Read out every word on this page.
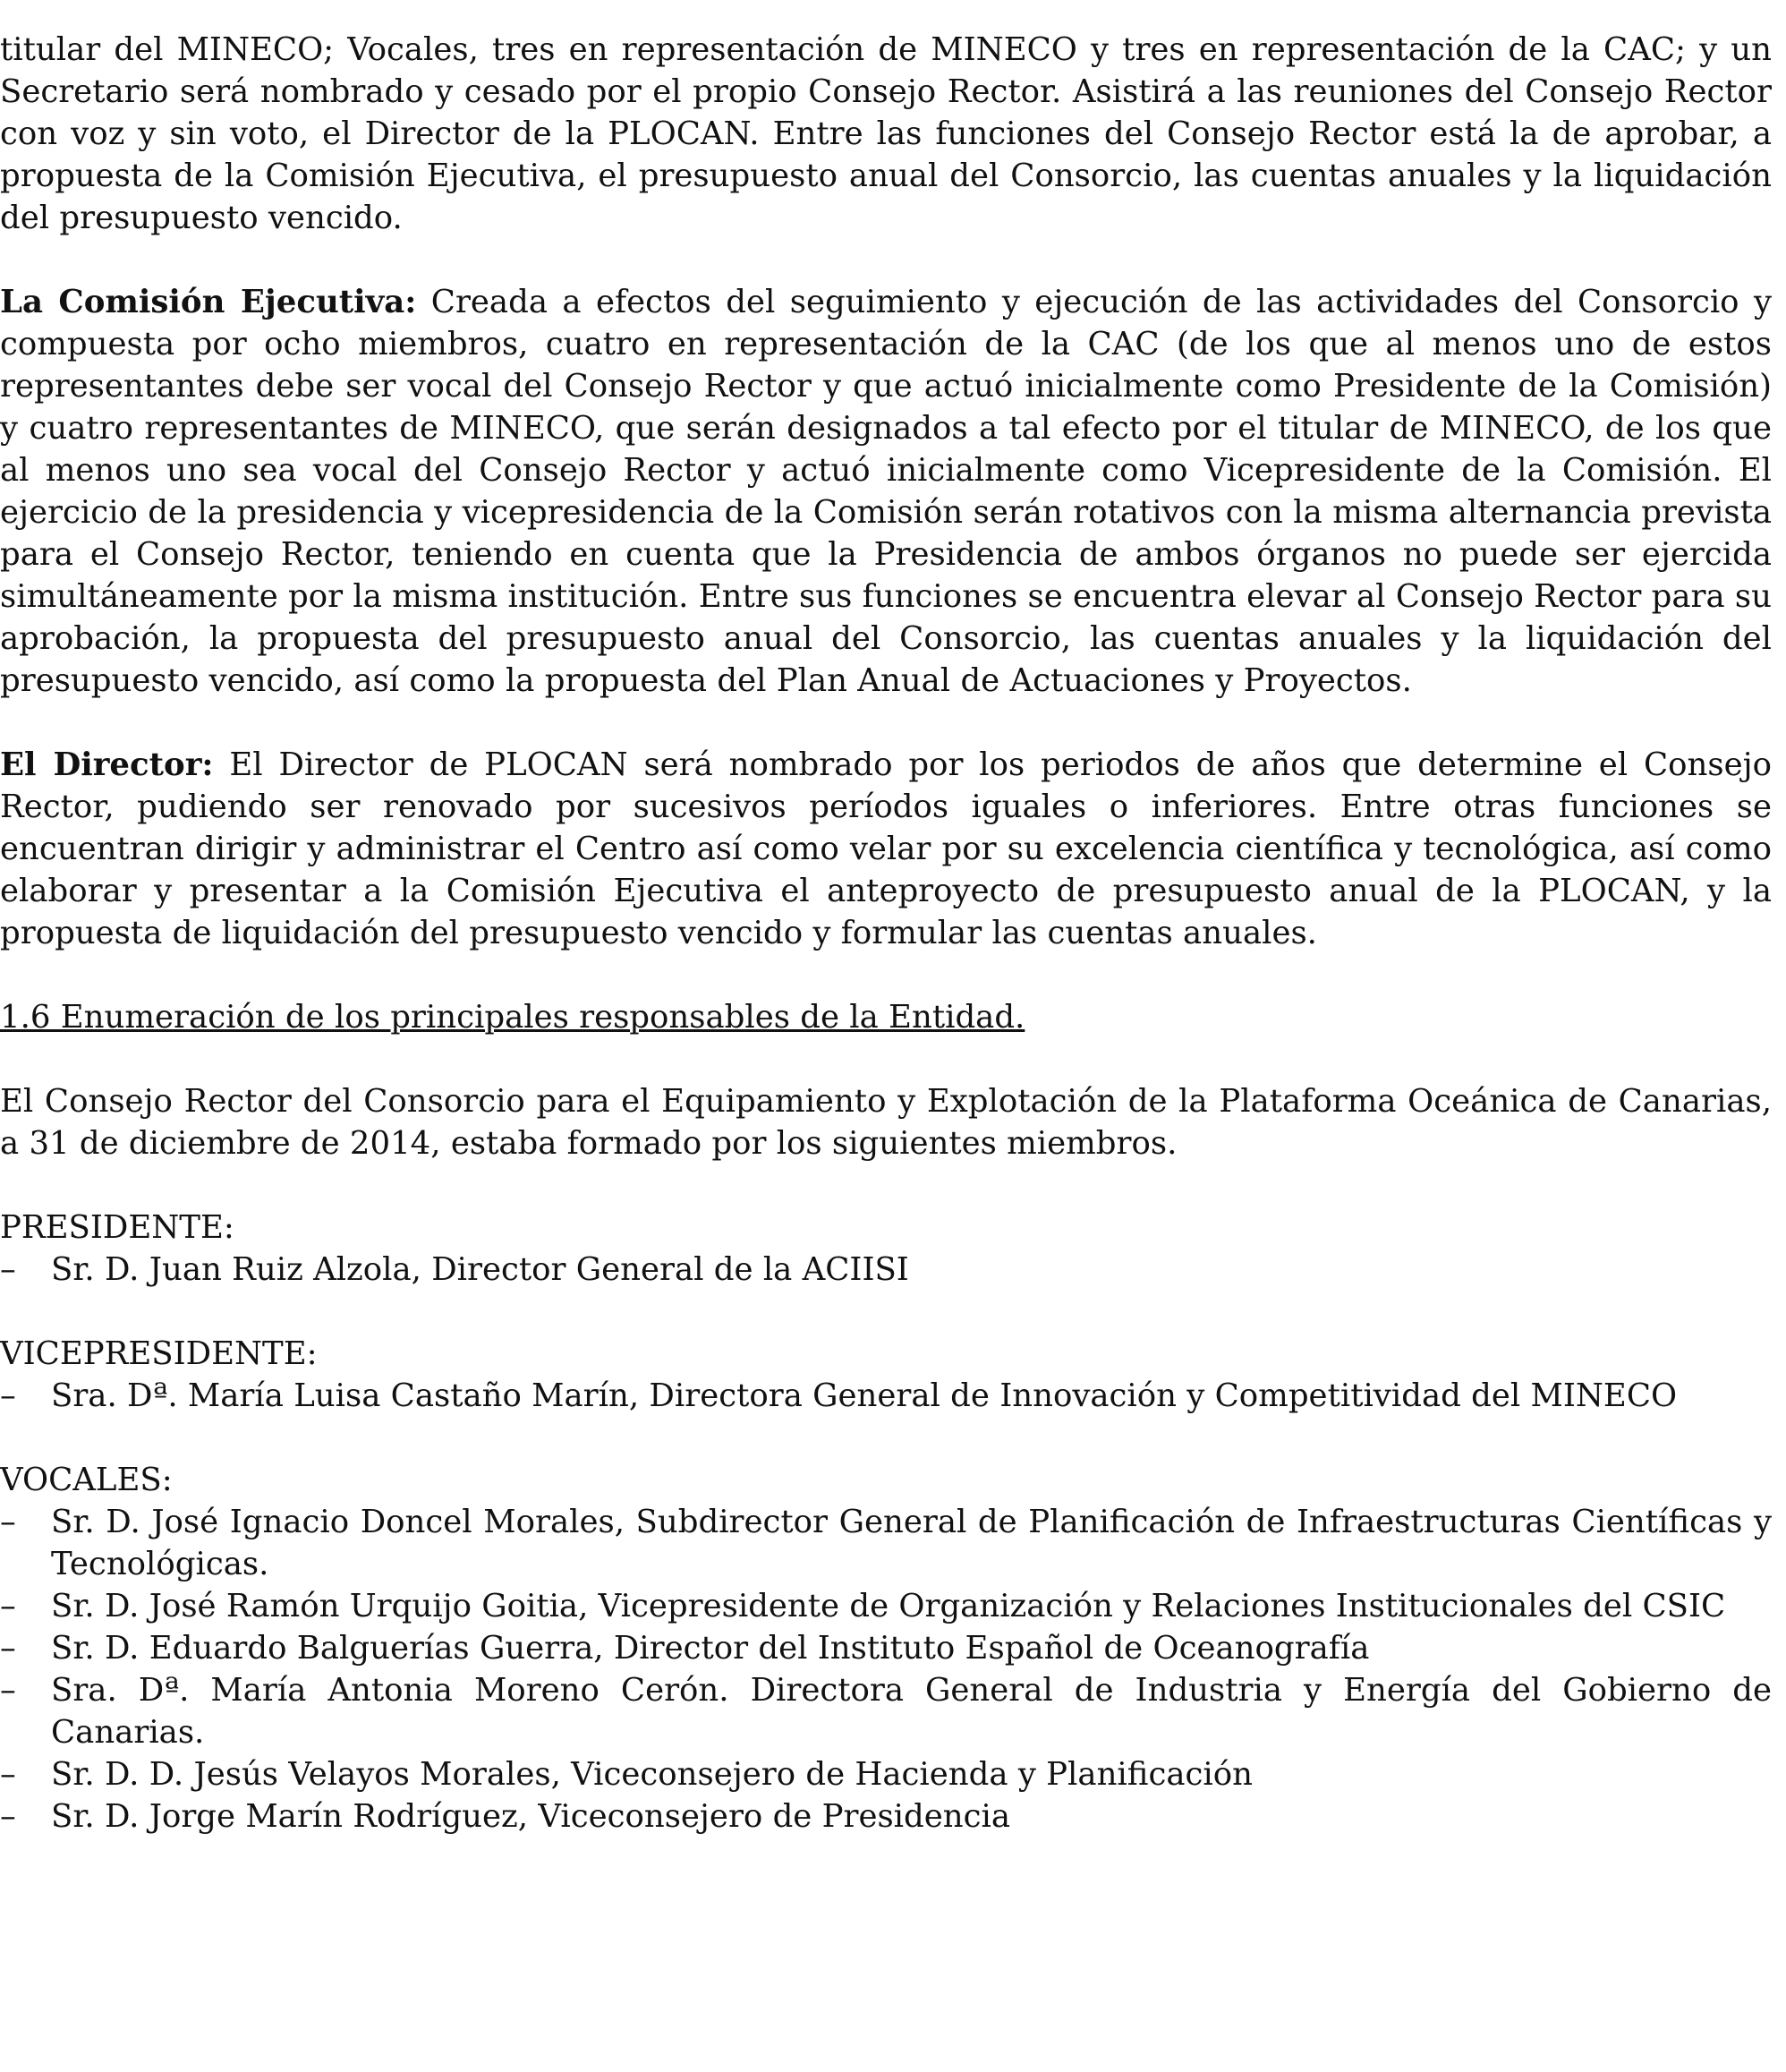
titular del MINECO; Vocales, tres en representación de MINECO y tres en representación de la CAC; y un Secretario será nombrado y cesado por el propio Consejo Rector. Asistirá a las reuniones del Consejo Rector con voz y sin voto, el Director de la PLOCAN. Entre las funciones del Consejo Rector está la de aprobar, a propuesta de la Comisión Ejecutiva, el presupuesto anual del Consorcio, las cuentas anuales y la liquidación del presupuesto vencido.

La Comisión Ejecutiva: Creada a efectos del seguimiento y ejecución de las actividades del Consorcio y compuesta por ocho miembros, cuatro en representación de la CAC (de los que al menos uno de estos representantes debe ser vocal del Consejo Rector y que actuó inicialmente como Presidente de la Comisión) y cuatro representantes de MINECO, que serán designados a tal efecto por el titular de MINECO, de los que al menos uno sea vocal del Consejo Rector y actuó inicialmente como Vicepresidente de la Comisión. El ejercicio de la presidencia y vicepresidencia de la Comisión serán rotativos con la misma alternancia prevista para el Consejo Rector, teniendo en cuenta que la Presidencia de ambos órganos no puede ser ejercida simultáneamente por la misma institución. Entre sus funciones se encuentra elevar al Consejo Rector para su aprobación, la propuesta del presupuesto anual del Consorcio, las cuentas anuales y la liquidación del presupuesto vencido, así como la propuesta del Plan Anual de Actuaciones y Proyectos.

El Director: El Director de PLOCAN será nombrado por los periodos de años que determine el Consejo Rector, pudiendo ser renovado por sucesivos períodos iguales o inferiores. Entre otras funciones se encuentran dirigir y administrar el Centro así como velar por su excelencia científica y tecnológica, así como elaborar y presentar a la Comisión Ejecutiva el anteproyecto de presupuesto anual de la PLOCAN, y la propuesta de liquidación del presupuesto vencido y formular las cuentas anuales.

1.6 Enumeración de los principales responsables de la Entidad.

El Consejo Rector del Consorcio para el Equipamiento y Explotación de la Plataforma Oceánica de Canarias, a 31 de diciembre de 2014, estaba formado por los siguientes miembros.

PRESIDENTE:

– Sr. D. Juan Ruiz Alzola, Director General de la ACIISI

VICEPRESIDENTE:

– Sra. Dª. María Luisa Castaño Marín, Directora General de Innovación y Competitividad del MINECO

VOCALES:

– Sr. D. José Ignacio Doncel Morales, Subdirector General de Planificación de Infraestructuras Científicas y Tecnológicas.
– Sr. D. José Ramón Urquijo Goitia, Vicepresidente de Organización y Relaciones Institucionales del CSIC
– Sr. D. Eduardo Balguerías Guerra, Director del Instituto Español de Oceanografía
– Sra. Dª. María Antonia Moreno Cerón. Directora General de Industria y Energía del Gobierno de Canarias.
– Sr. D. D. Jesús Velayos Morales, Viceconsejero de Hacienda y Planificación
– Sr. D. Jorge Marín Rodríguez, Viceconsejero de Presidencia
